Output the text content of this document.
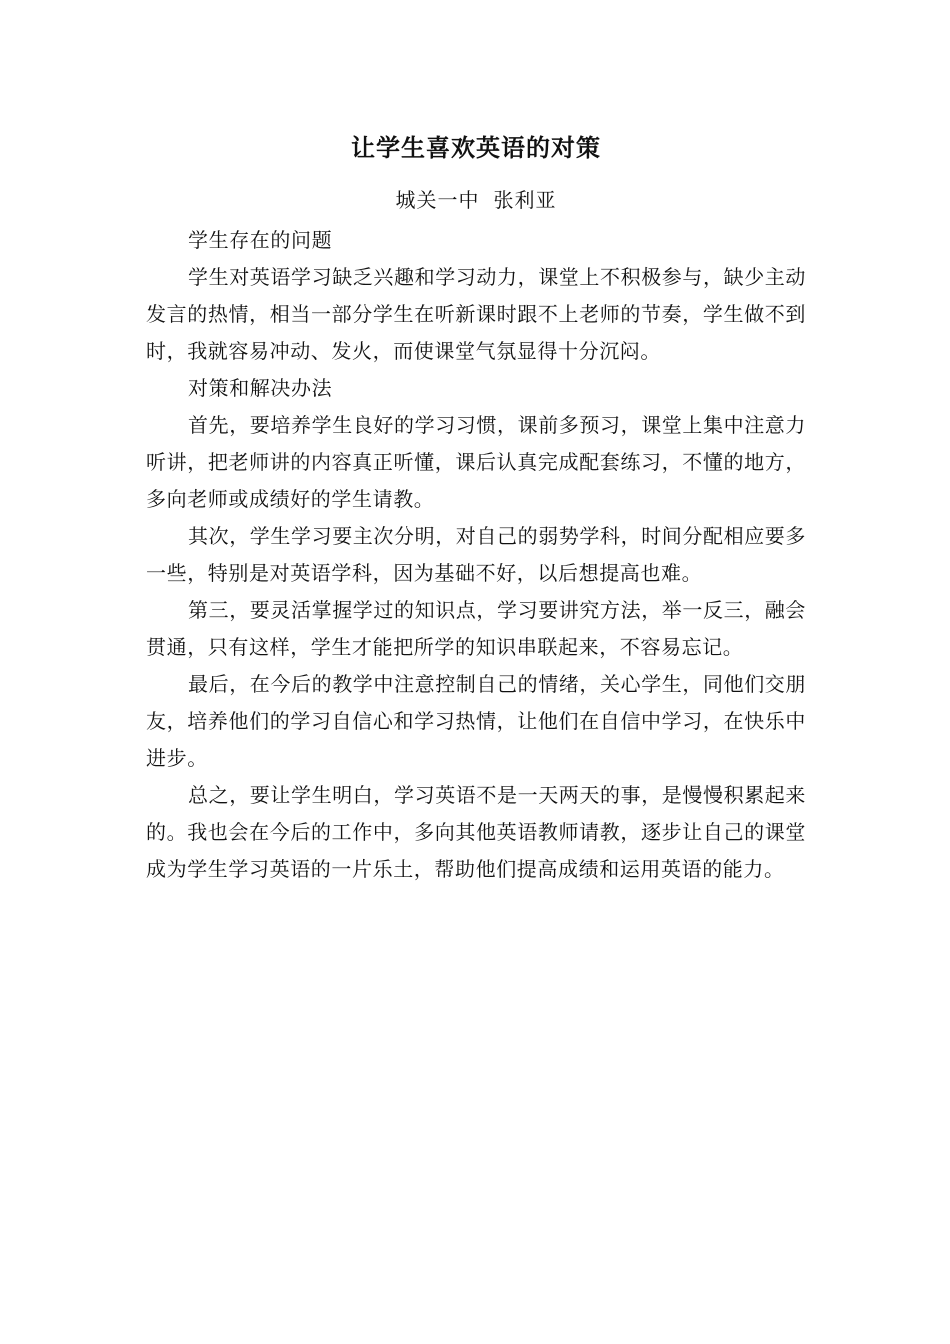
让学生喜欢英语的对策
城关一中 张利亚

学生存在的问题

学生对英语学习缺乏兴趣和学习动力，课堂上不积极参与，缺少主动发言的热情，相当一部分学生在听新课时跟不上老师的节奏，学生做不到时，我就容易冲动、发火，而使课堂气氛显得十分沉闷。

对策和解决办法

首先，要培养学生良好的学习习惯，课前多预习，课堂上集中注意力听讲，把老师讲的内容真正听懂，课后认真完成配套练习，不懂的地方，多向老师或成绩好的学生请教。

其次，学生学习要主次分明，对自己的弱势学科，时间分配相应要多一些，特别是对英语学科，因为基础不好，以后想提高也难。

第三，要灵活掌握学过的知识点，学习要讲究方法，举一反三，融会贯通，只有这样，学生才能把所学的知识串联起来，不容易忘记。

最后，在今后的教学中注意控制自己的情绪，关心学生，同他们交朋友，培养他们的学习自信心和学习热情，让他们在自信中学习，在快乐中进步。

总之，要让学生明白，学习英语不是一天两天的事，是慢慢积累起来的。我也会在今后的工作中，多向其他英语教师请教，逐步让自己的课堂成为学生学习英语的一片乐土，帮助他们提高成绩和运用英语的能力。
